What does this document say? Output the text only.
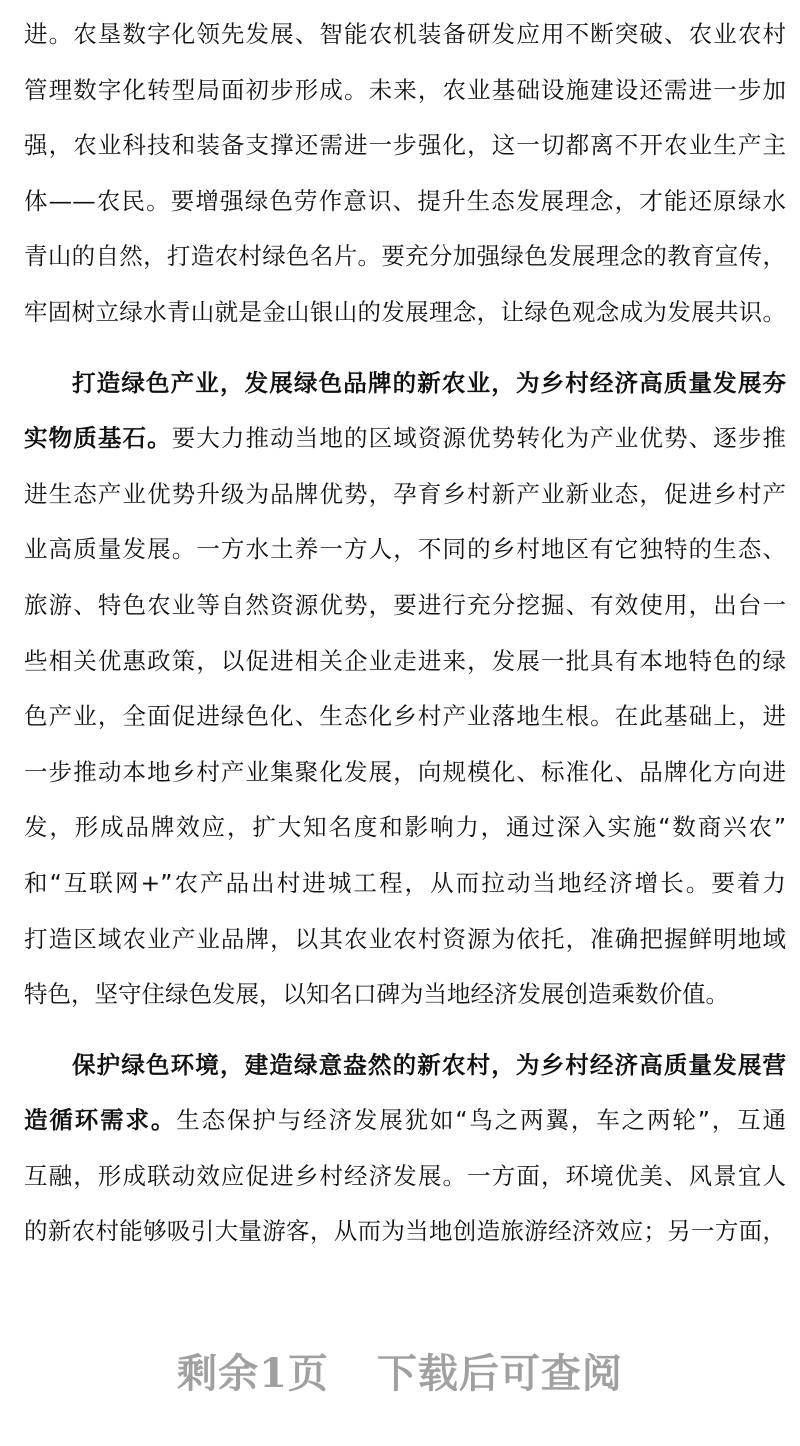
进。农垦数字化领先发展、智能农机装备研发应用不断突破、农业农村
管理数字化转型局面初步形成。未来，农业基础设施建设还需进一步加
强，农业科技和装备支撑还需进一步强化，这一切都离不开农业生产主
体——农民。要增强绿色劳作意识、提升生态发展理念，才能还原绿水
青山的自然，打造农村绿色名片。要充分加强绿色发展理念的教育宣传，
牢固树立绿水青山就是金山银山的发展理念，让绿色观念成为发展共识。
打造绿色产业，发展绿色品牌的新农业，为乡村经济高质量发展夯
实物质基石。要大力推动当地的区域资源优势转化为产业优势、逐步推
进生态产业优势升级为品牌优势，孕育乡村新产业新业态，促进乡村产
业高质量发展。一方水土养一方人，不同的乡村地区有它独特的生态、
旅游、特色农业等自然资源优势，要进行充分挖掘、有效使用，出台一
些相关优惠政策，以促进相关企业走进来，发展一批具有本地特色的绿
色产业，全面促进绿色化、生态化乡村产业落地生根。在此基础上，进
一步推动本地乡村产业集聚化发展，向规模化、标准化、品牌化方向进
发，形成品牌效应，扩大知名度和影响力，通过深入实施“数商兴农”
和“互联网+”农产品出村进城工程，从而拉动当地经济增长。要着力
打造区域农业产业品牌，以其农业农村资源为依托，准确把握鲜明地域
特色，坚守住绿色发展，以知名口碑为当地经济发展创造乘数价值。
保护绿色环境，建造绿意盎然的新农村，为乡村经济高质量发展营
造循环需求。生态保护与经济发展犹如“鸟之两翼，车之两轮”，互通
互融，形成联动效应促进乡村经济发展。一方面，环境优美、风景宜人
的新农村能够吸引大量游客，从而为当地创造旅游经济效应；另一方面，
剩余1页 下载后可查阅
